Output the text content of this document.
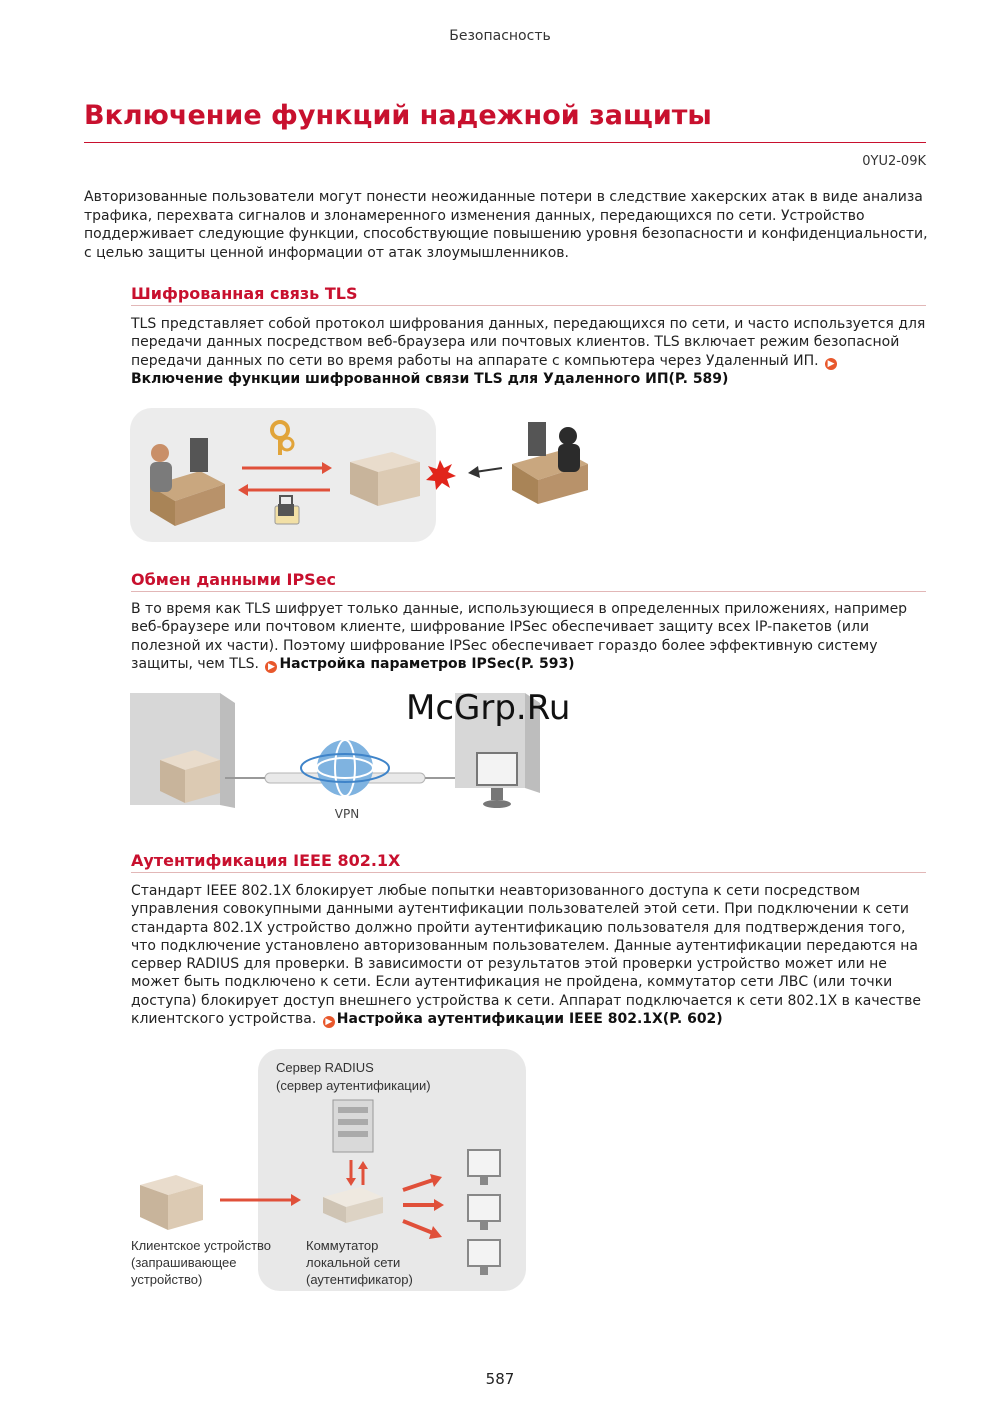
Безопасность
Включение функций надежной защиты
0YU2-09K
Авторизованные пользователи могут понести неожиданные потери в следствие хакерских атак в виде анализа трафика, перехвата сигналов и злонамеренного изменения данных, передающихся по сети. Устройство поддерживает следующие функции, способствующие повышению уровня безопасности и конфиденциальности, с целью защиты ценной информации от атак злоумышленников.
Шифрованная связь TLS
TLS представляет собой протокол шифрования данных, передающихся по сети, и часто используется для передачи данных посредством веб-браузера или почтовых клиентов. TLS включает режим безопасной передачи данных по сети во время работы на аппарате с компьютера через Удаленный ИП. ▶
Включение функции шифрованной связи TLS для Удаленного ИП(P. 589)
Обмен данными IPSec
В то время как TLS шифрует только данные, использующиеся в определенных приложениях, например веб-браузере или почтовом клиенте, шифрование IPSec обеспечивает защиту всех IP-пакетов (или полезной их части). Поэтому шифрование IPSec обеспечивает гораздо более эффективную систему защиты, чем TLS. ▶ Настройка параметров IPSec(P. 593)
VPN
McGrp.Ru
Аутентификация IEEE 802.1X
Стандарт IEEE 802.1X блокирует любые попытки неавторизованного доступа к сети посредством управления совокупными данными аутентификации пользователей этой сети. При подключении к сети стандарта 802.1X устройство должно пройти аутентификацию пользователя для подтверждения того, что подключение установлено авторизованным пользователем. Данные аутентификации передаются на сервер RADIUS для проверки. В зависимости от результатов этой проверки устройство может или не может быть подключено к сети. Если аутентификация не пройдена, коммутатор сети ЛВС (или точки доступа) блокирует доступ внешнего устройства к сети. Аппарат подключается к сети 802.1X в качестве клиентского устройства. ▶ Настройка аутентификации IEEE 802.1X(P. 602)
Сервер RADIUS
(сервер аутентификации)
Клиентское устройство
(запрашивающее
устройство)
Коммутатор
локальной сети
(аутентификатор)
587
